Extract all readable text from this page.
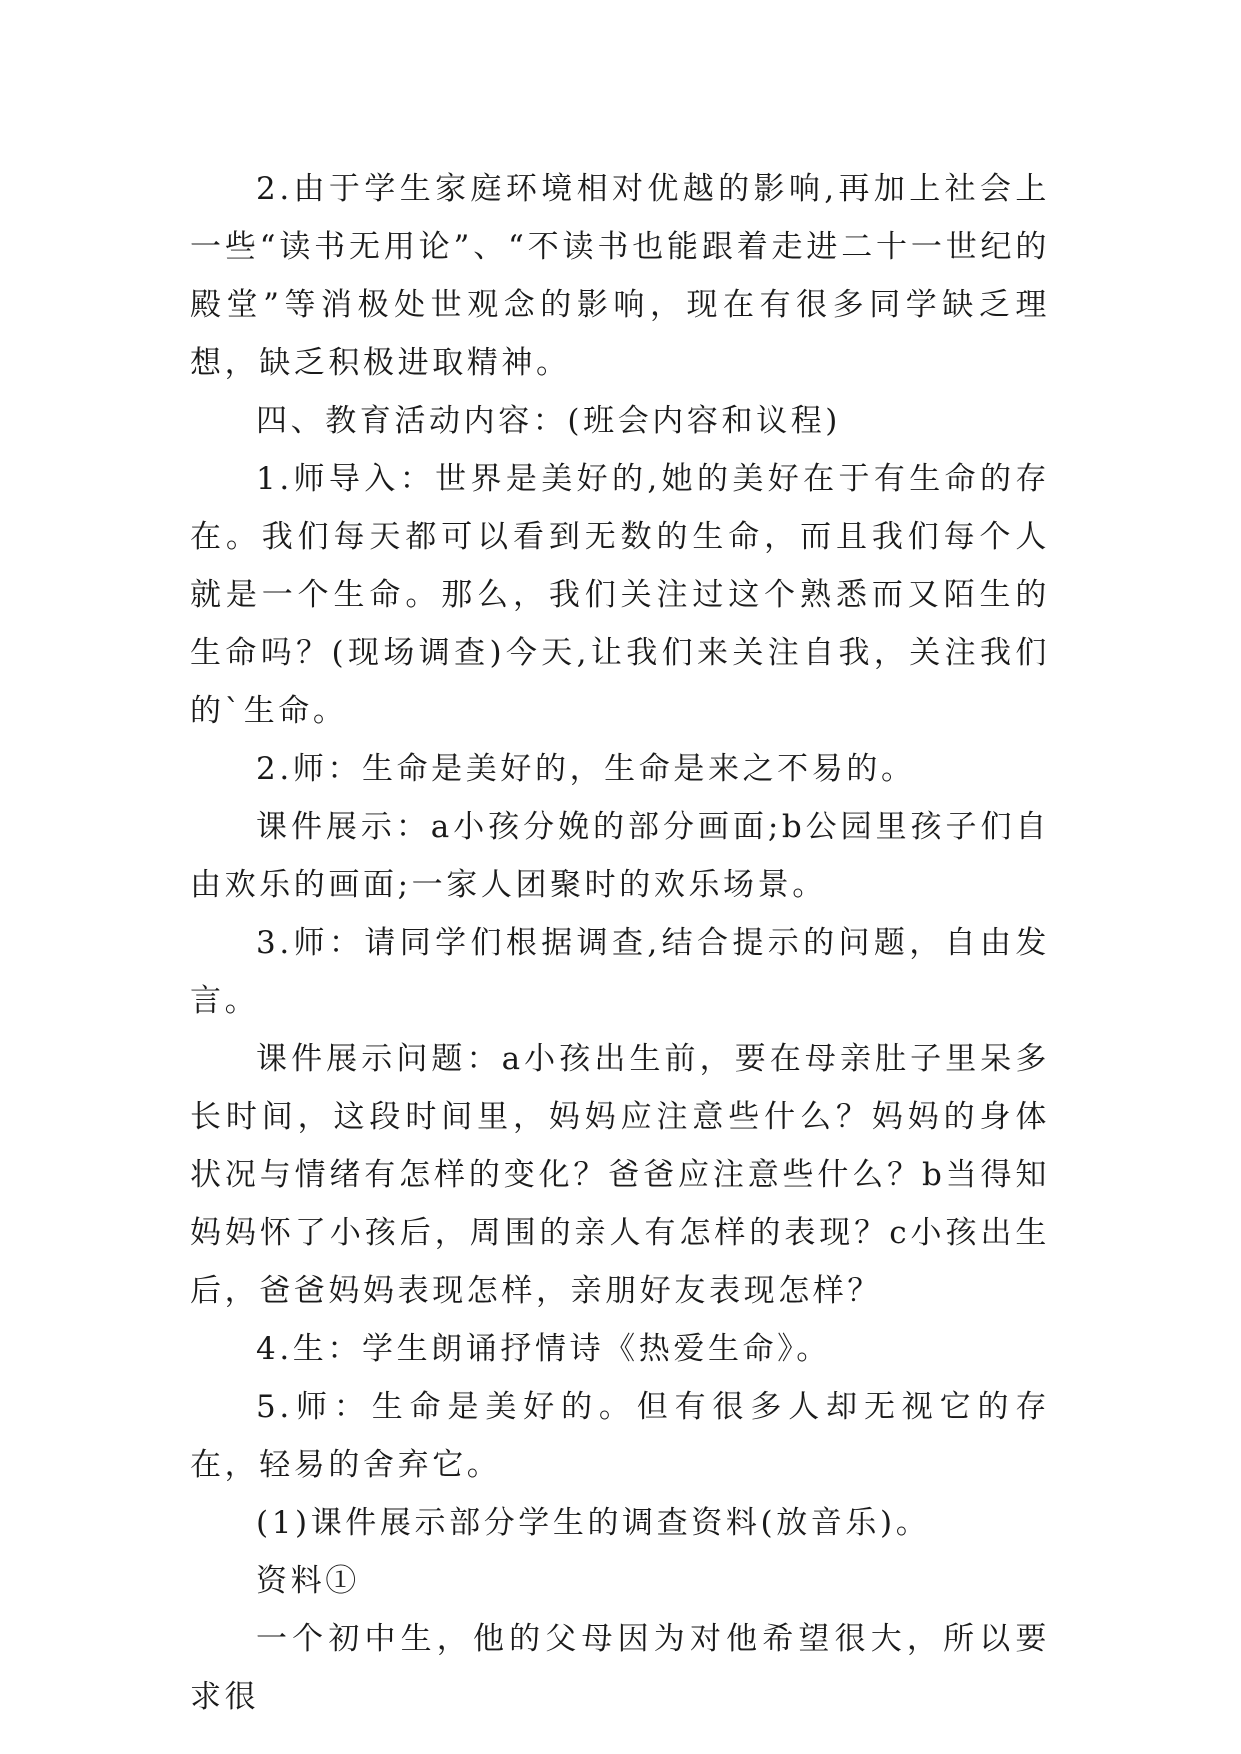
2.由于学生家庭环境相对优越的影响,再加上社会上一些“读书无用论”、“不读书也能跟着走进二十一世纪的殿堂”等消极处世观念的影响，现在有很多同学缺乏理想，缺乏积极进取精神。

四、教育活动内容：(班会内容和议程)

1.师导入：世界是美好的,她的美好在于有生命的存在。我们每天都可以看到无数的生命，而且我们每个人就是一个生命。那么，我们关注过这个熟悉而又陌生的生命吗？(现场调查)今天,让我们来关注自我，关注我们的`生命。

2.师：生命是美好的，生命是来之不易的。

课件展示：a小孩分娩的部分画面;b公园里孩子们自由欢乐的画面;一家人团聚时的欢乐场景。

3.师：请同学们根据调查,结合提示的问题，自由发言。

课件展示问题：a小孩出生前，要在母亲肚子里呆多长时间，这段时间里，妈妈应注意些什么？妈妈的身体状况与情绪有怎样的变化？爸爸应注意些什么？b当得知妈妈怀了小孩后，周围的亲人有怎样的表现？c小孩出生后，爸爸妈妈表现怎样，亲朋好友表现怎样？

4.生：学生朗诵抒情诗《热爱生命》。

5.师：生命是美好的。但有很多人却无视它的存在，轻易的舍弃它。

(1)课件展示部分学生的调查资料(放音乐)。

资料①

一个初中生，他的父母因为对他希望很大，所以要求很
